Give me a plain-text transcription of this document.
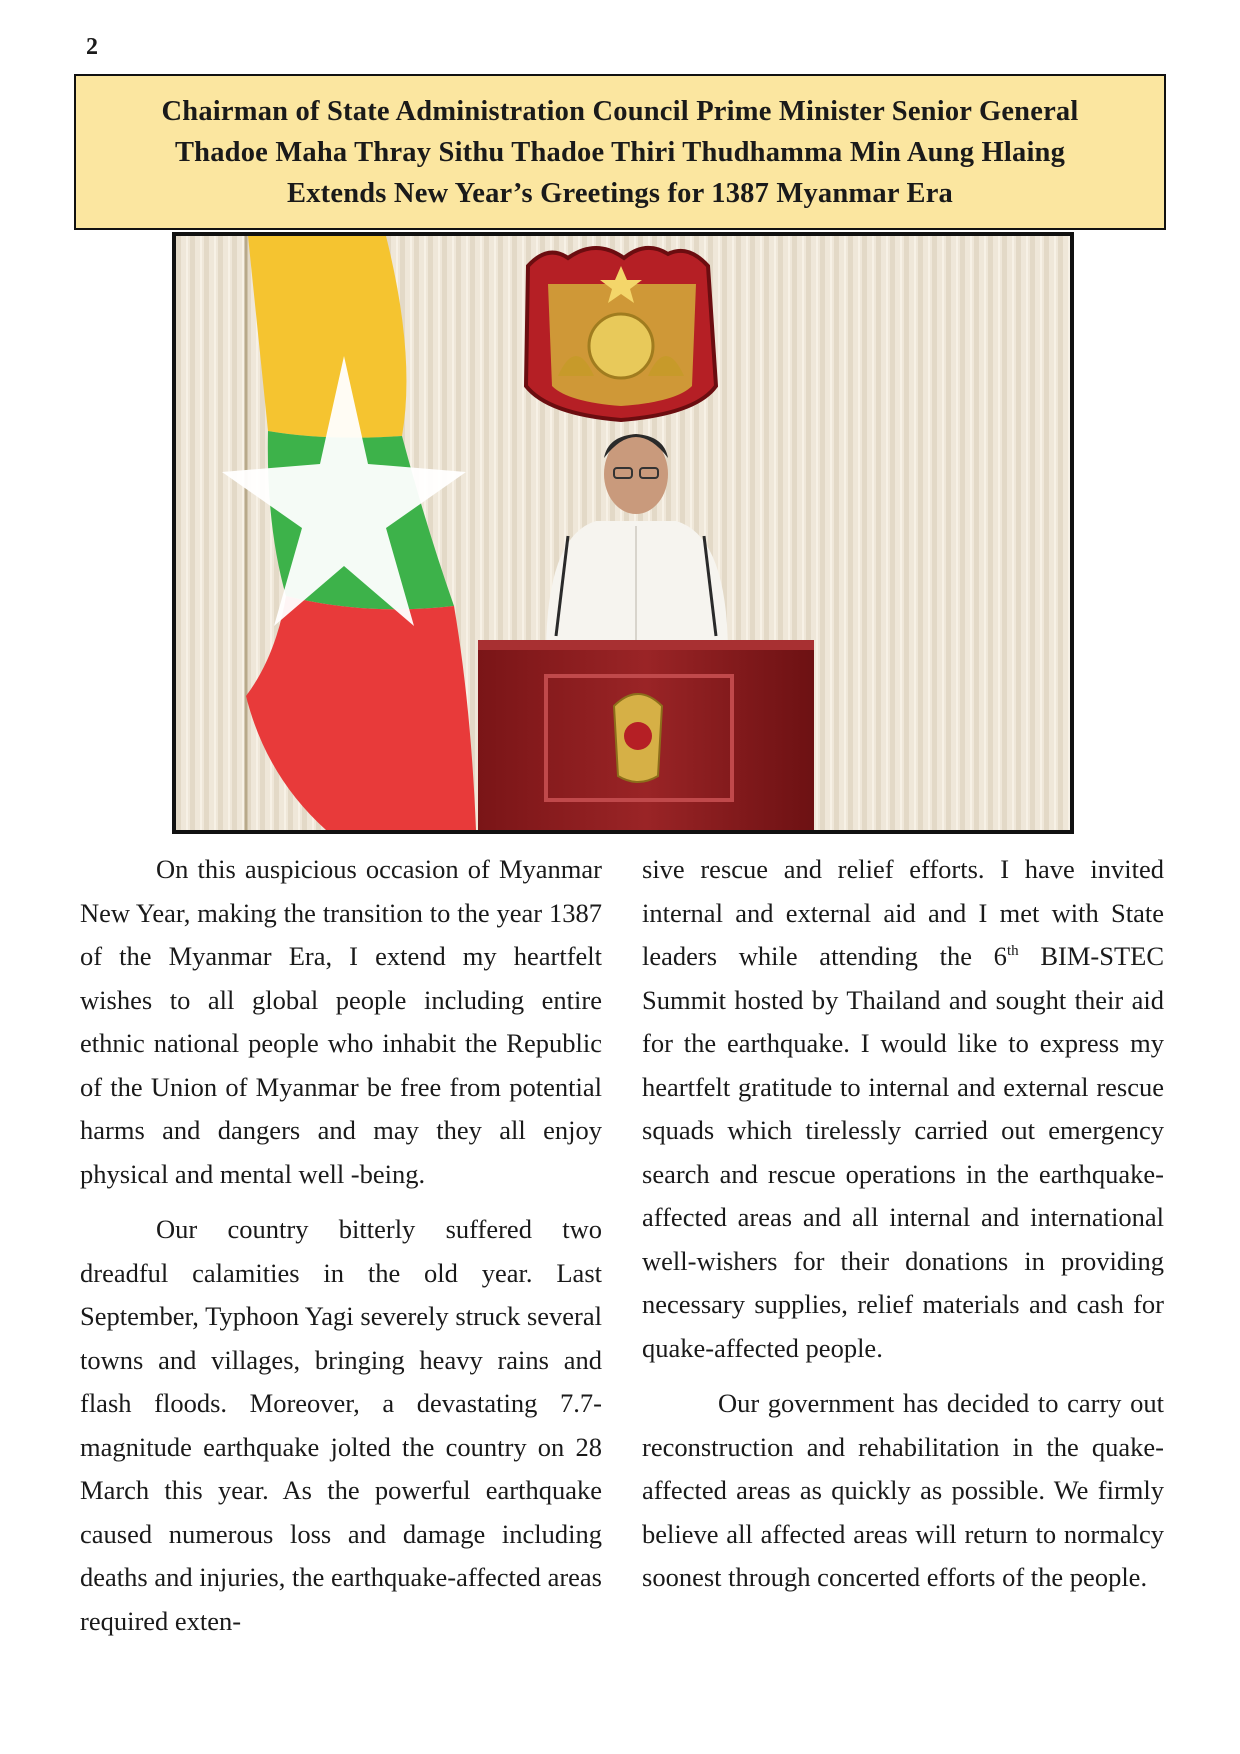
2
Chairman of State Administration Council Prime Minister Senior General
Thadoe Maha Thray Sithu Thadoe Thiri Thudhamma Min Aung Hlaing
Extends New Year’s Greetings for 1387 Myanmar Era

On this auspicious occasion of Myanmar New Year, making the transition to the year 1387 of the Myanmar Era, I extend my heartfelt wishes to all global people including entire ethnic national people who inhabit the Republic of the Union of Myanmar be free from potential harms and dangers and may they all enjoy physical and mental well -being.

Our country bitterly suffered two dreadful calamities in the old year. Last September, Typhoon Yagi severely struck several towns and villages, bringing heavy rains and flash floods. Moreover, a devastating 7.7-magnitude earthquake jolted the country on 28 March this year. As the powerful earthquake caused numerous loss and damage including deaths and injuries, the earthquake-affected areas required exten-

sive rescue and relief efforts. I have invited internal and external aid and I met with State leaders while attending the 6th BIM-STEC Summit hosted by Thailand and sought their aid for the earthquake. I would like to express my heartfelt gratitude to internal and external rescue squads which tirelessly carried out emergency search and rescue operations in the earthquake-affected areas and all internal and international well-wishers for their donations in providing necessary supplies, relief materials and cash for quake-affected people.

Our government has decided to carry out reconstruction and rehabilitation in the quake-affected areas as quickly as possible. We firmly believe all affected areas will return to normalcy soonest through concerted efforts of the people.
